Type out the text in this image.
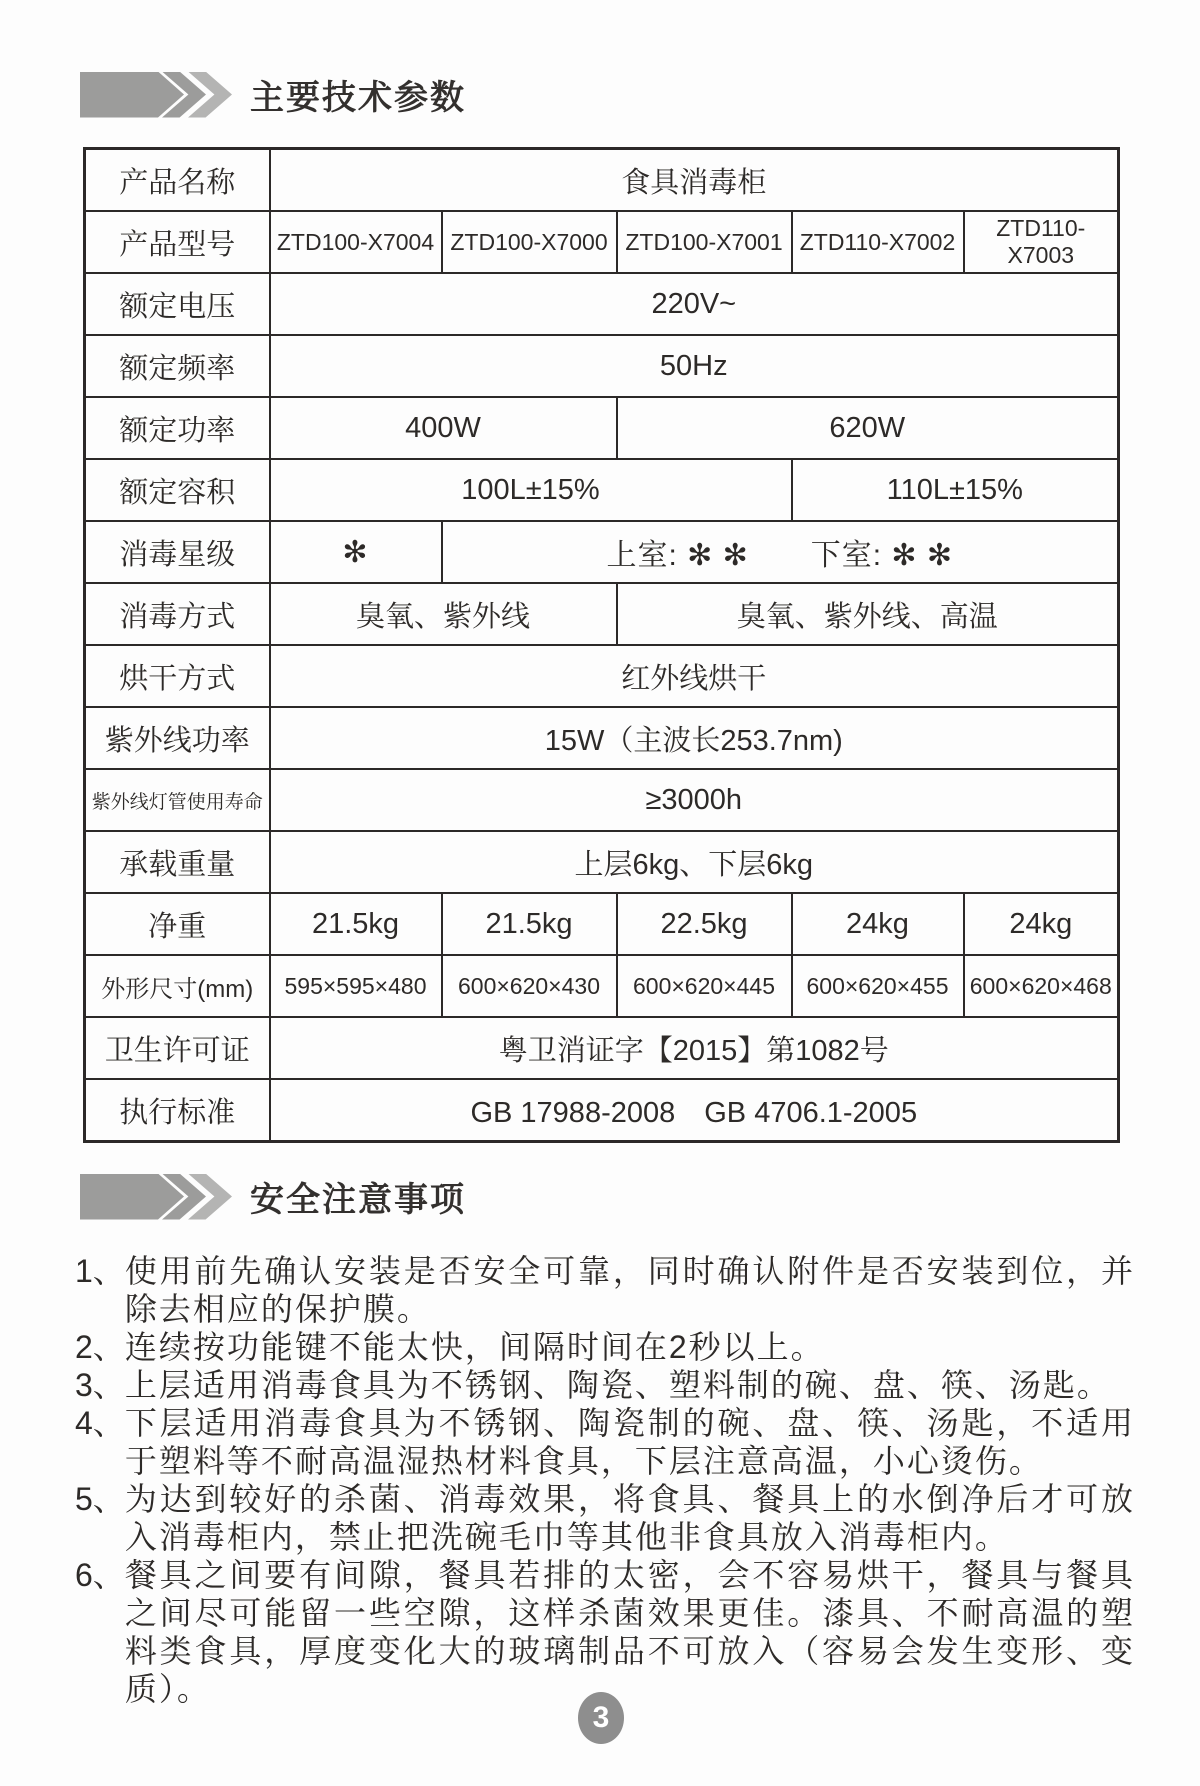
主要技术参数
产品名称	食具消毒柜				
产品型号	ZTD100-X7004	ZTD100-X7000	ZTD100-X7001	ZTD110-X7002	ZTD110-X7003
额定电压	220V~				
额定频率	50Hz				
额定功率	400W		620W		
额定容积	100L±15%			110L±15%	
消毒星级	✻	上室: ✻ ✻　　下室: ✻ ✻			
消毒方式	臭氧、紫外线		臭氧、紫外线、高温		
烘干方式	红外线烘干				
紫外线功率	15W（主波长253.7nm)				
紫外线灯管使用寿命	≥3000h				
承载重量	上层6kg、下层6kg				
净重	21.5kg	21.5kg	22.5kg	24kg	24kg
外形尺寸(mm)	595×595×480	600×620×430	600×620×445	600×620×455	600×620×468
卫生许可证	粤卫消证字【2015】第1082号				
执行标准	GB 17988-2008　GB 4706.1-2005				
安全注意事项
1、 使用前先确认安装是否安全可靠，同时确认附件是否安装到位，并除去相应的保护膜。
2、 连续按功能键不能太快，间隔时间在2秒以上。
3、 上层适用消毒食具为不锈钢、陶瓷、塑料制的碗、盘、筷、汤匙。
4、 下层适用消毒食具为不锈钢、陶瓷制的碗、盘、筷、汤匙，不适用于塑料等不耐高温湿热材料食具，下层注意高温，小心烫伤。
5、 为达到较好的杀菌、消毒效果，将食具、餐具上的水倒净后才可放入消毒柜内，禁止把洗碗毛巾等其他非食具放入消毒柜内。
6、 餐具之间要有间隙，餐具若排的太密，会不容易烘干，餐具与餐具之间尽可能留一些空隙，这样杀菌效果更佳。漆具、不耐高温的塑料类食具，厚度变化大的玻璃制品不可放入（容易会发生变形、变质）。
3
